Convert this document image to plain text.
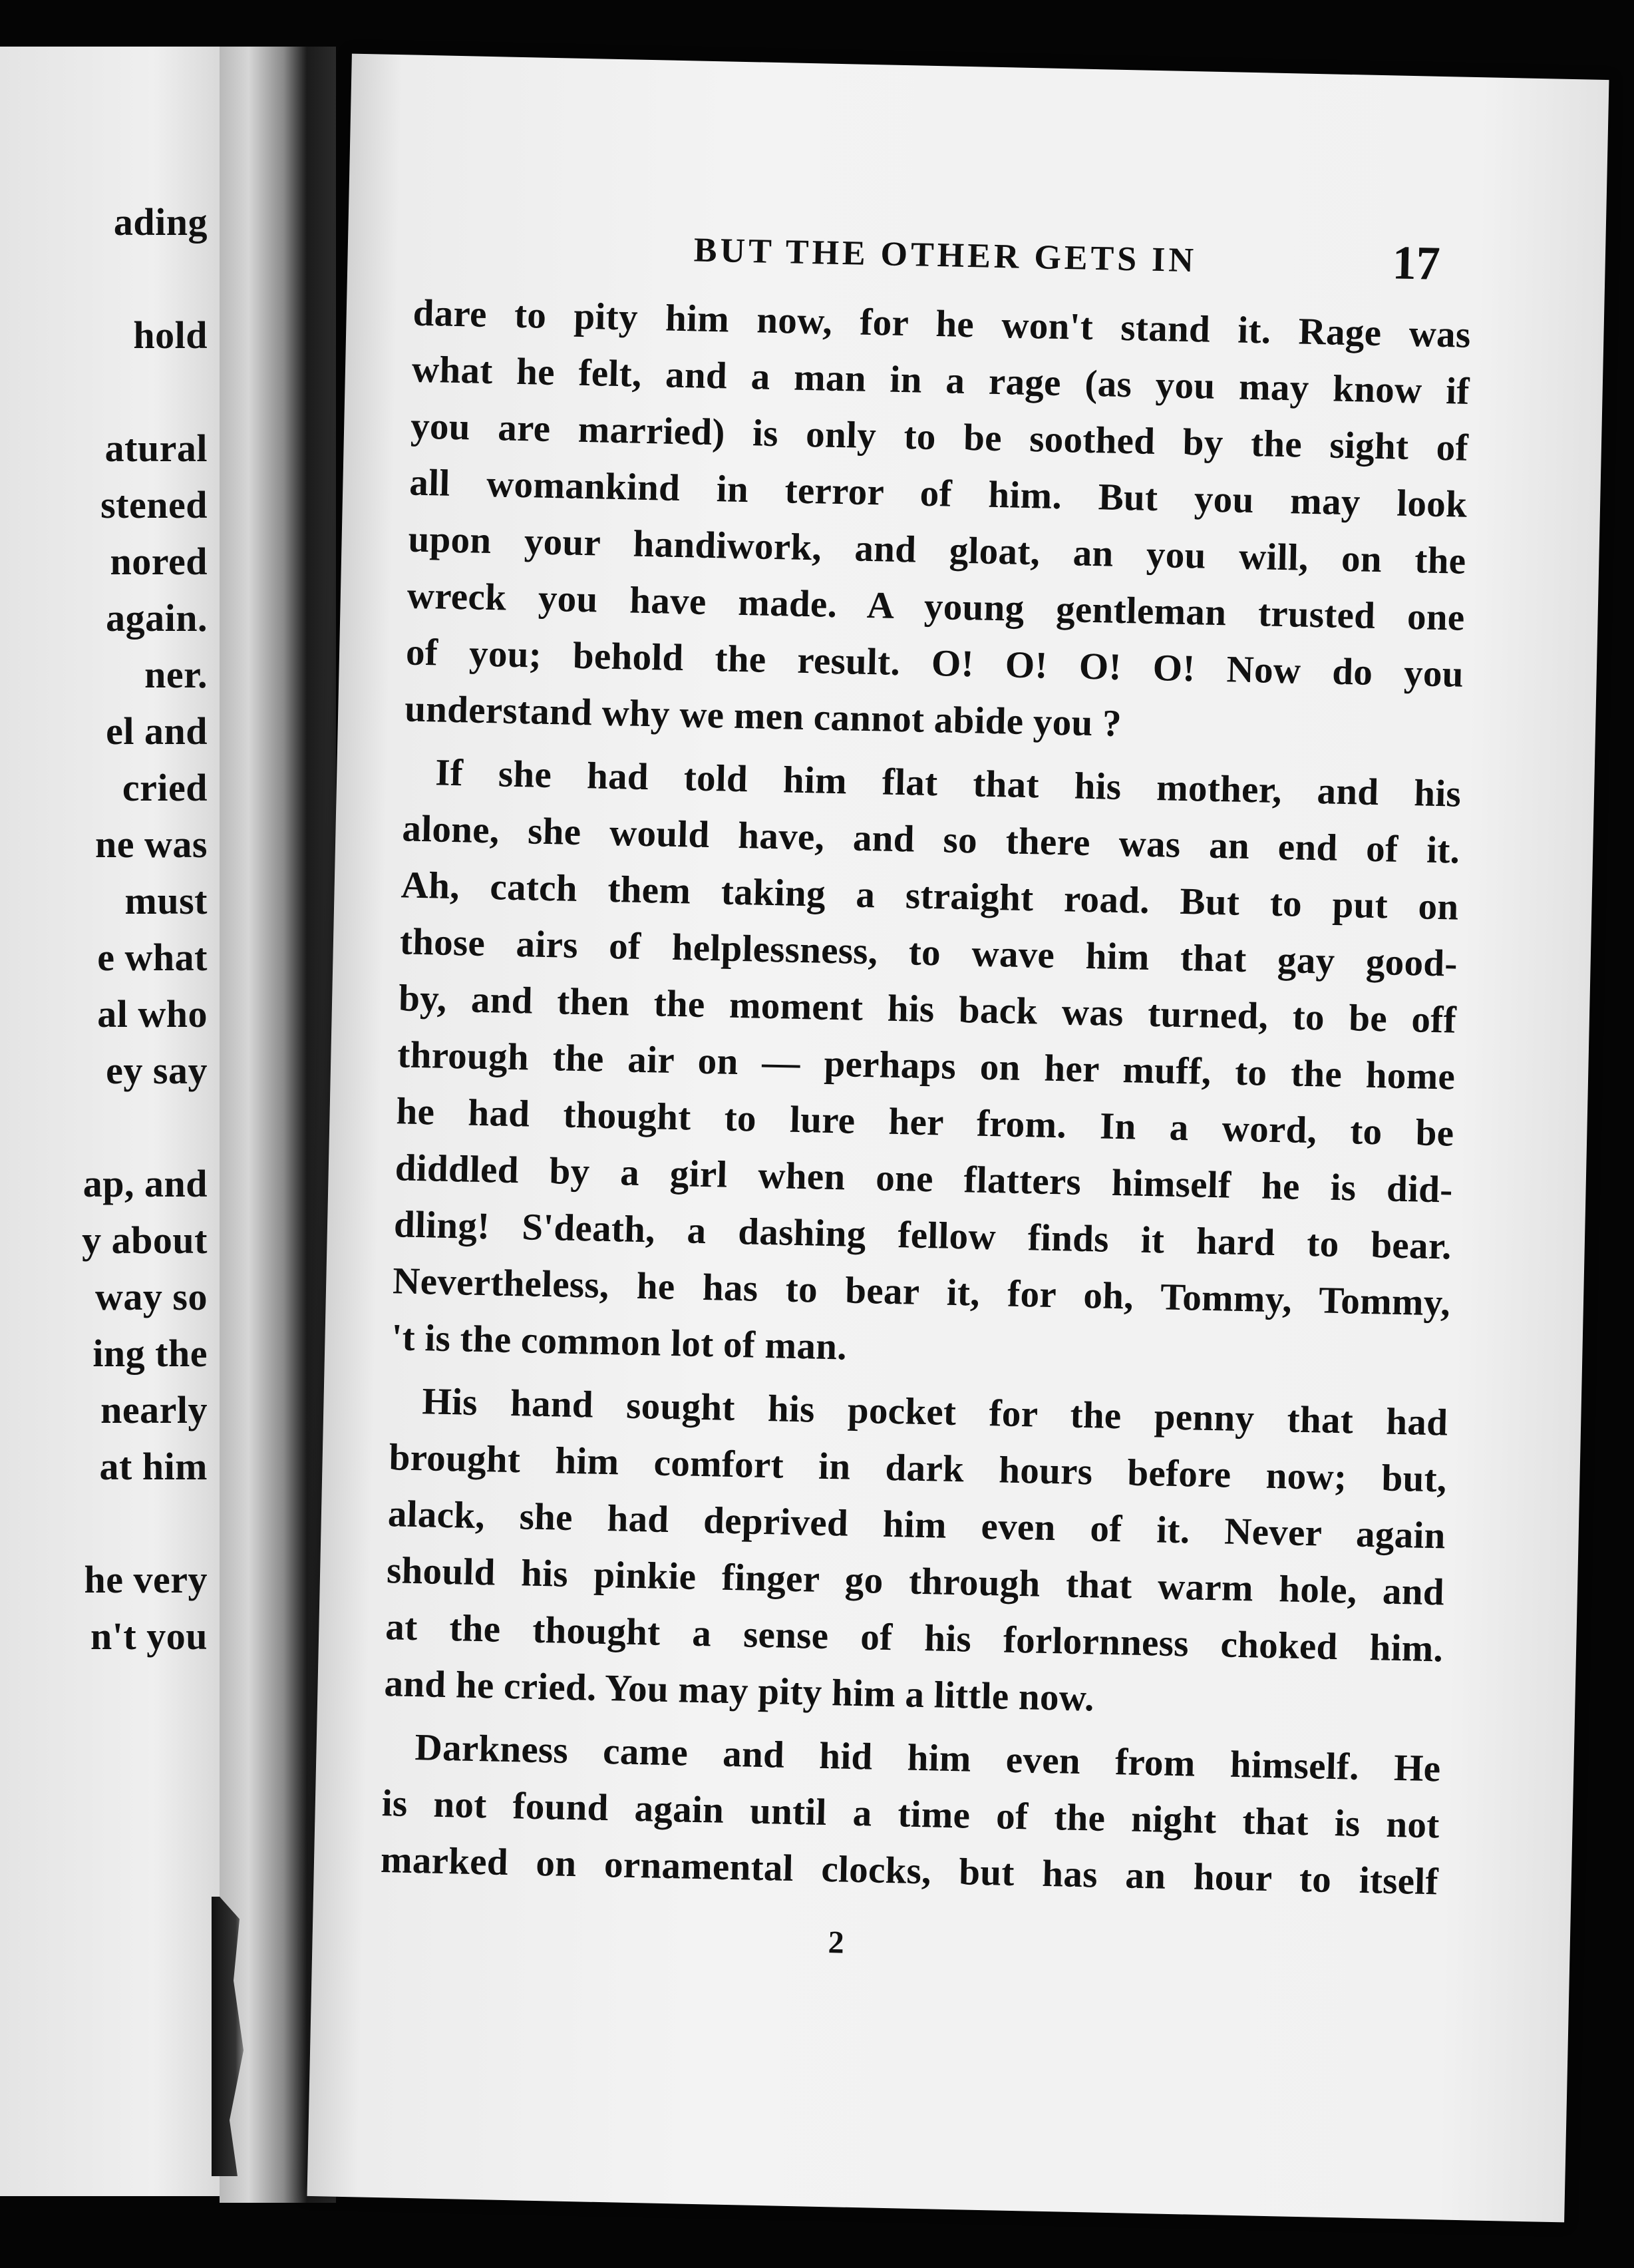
ading
hold
atural
stened
nored
again.
ner.
el and
cried
ne was
must
e what
al who
ey say
ap, and
y about
way so
ing the
nearly
at him
he very
n't you
BUT THE OTHER GETS IN	17
dare to pity him now, for he won't stand it. Rage was
what he felt, and a man in a rage (as you may know if
you are married) is only to be soothed by the sight of
all womankind in terror of him. But you may look
upon your handiwork, and gloat, an you will, on the
wreck you have made. A young gentleman trusted one
of you; behold the result. O! O! O! O! Now do you
understand why we men cannot abide you ?
If she had told him flat that his mother, and his
alone, she would have, and so there was an end of it.
Ah, catch them taking a straight road. But to put on
those airs of helplessness, to wave him that gay good-
by, and then the moment his back was turned, to be off
through the air on — perhaps on her muff, to the home
he had thought to lure her from. In a word, to be
diddled by a girl when one flatters himself he is did-
dling! S'death, a dashing fellow finds it hard to bear.
Nevertheless, he has to bear it, for oh, Tommy, Tommy,
't is the common lot of man.
His hand sought his pocket for the penny that had
brought him comfort in dark hours before now; but,
alack, she had deprived him even of it. Never again
should his pinkie finger go through that warm hole, and
at the thought a sense of his forlornness choked him.
and he cried. You may pity him a little now.
Darkness came and hid him even from himself. He
is not found again until a time of the night that is not
marked on ornamental clocks, but has an hour to itself
2
